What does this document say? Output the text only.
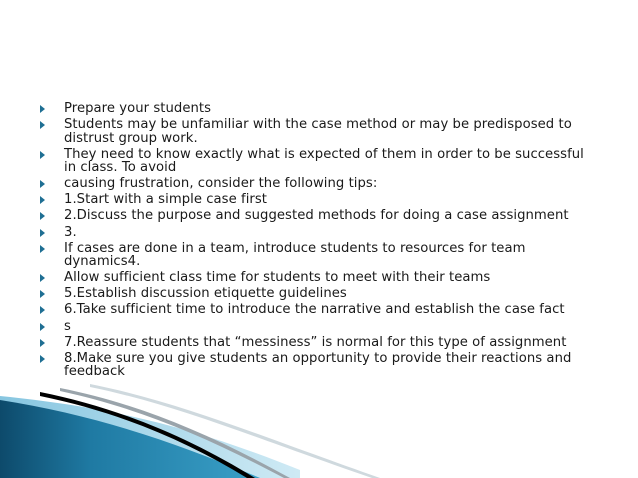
Prepare your students
Students may be unfamiliar with the case method or may be predisposed to distrust group work.
They need to know exactly what is expected of them in order to be successful in class. To avoid
causing frustration, consider the following tips:
1.Start with a simple case first
2.Discuss the purpose and suggested methods for doing a case assignment
3.
If cases are done in a team, introduce students to resources for team dynamics4.
Allow sufficient class time for students to meet with their teams
5.Establish discussion etiquette guidelines
6.Take sufficient time to introduce the narrative and establish the case fact
s
7.Reassure students that “messiness” is normal for this type of assignment
8.Make sure you give students an opportunity to provide their reactions and feedback
